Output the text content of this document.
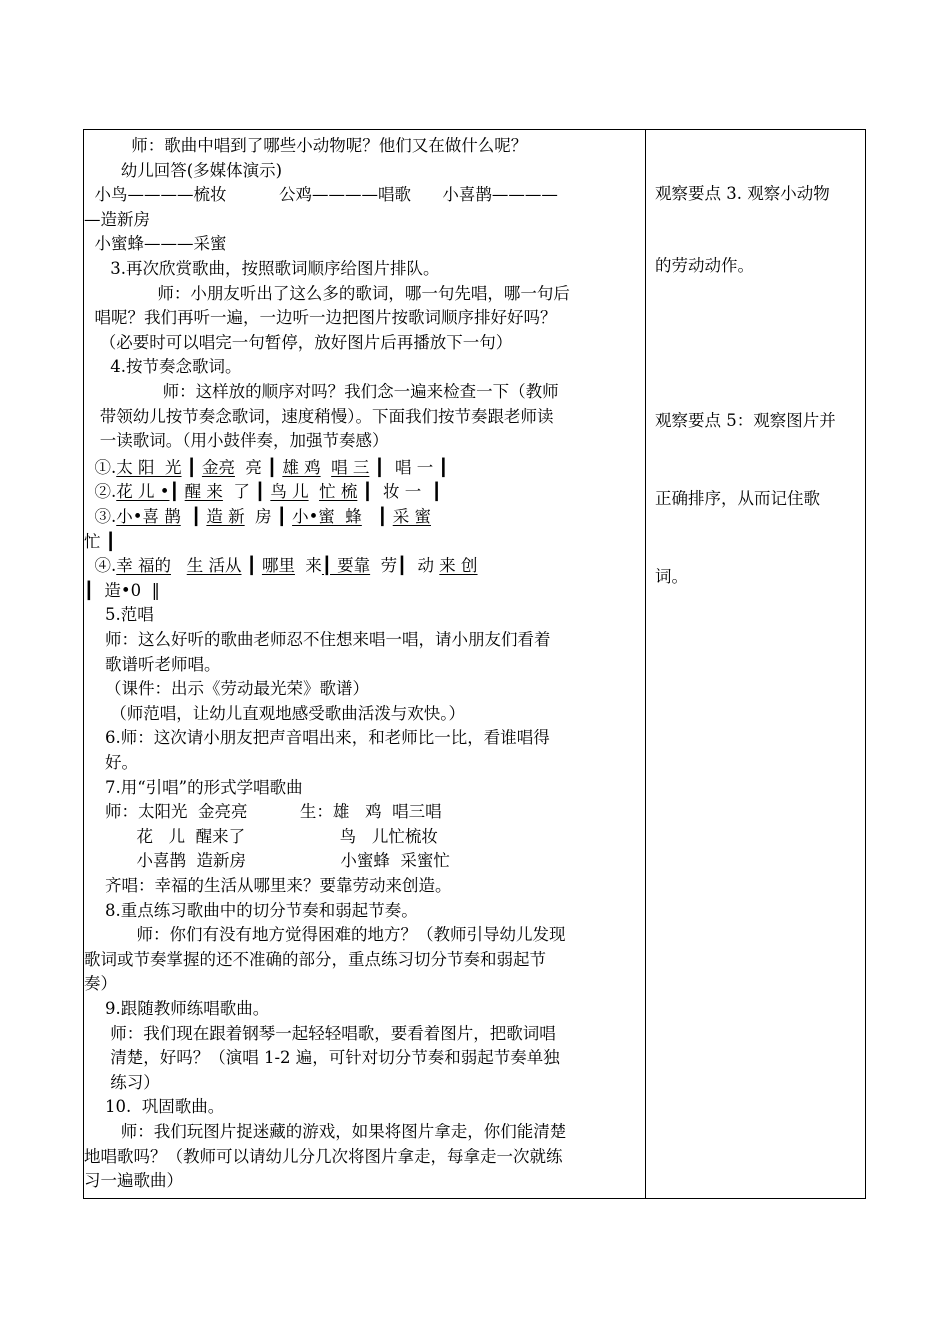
师：歌曲中唱到了哪些小动物呢？他们又在做什么呢？
幼儿回答(多媒体演示)
小鸟————梳妆          公鸡————唱歌      小喜鹊————
—造新房
小蜜蜂———采蜜
3.再次欣赏歌曲，按照歌词顺序给图片排队。
师：小朋友听出了这么多的歌词，哪一句先唱，哪一句后
唱呢？我们再听一遍，一边听一边把图片按歌词顺序排好好吗？
（必要时可以唱完一句暂停，放好图片后再播放下一句）
4.按节奏念歌词。
师：这样放的顺序对吗？我们念一遍来检查一下（教师
带领幼儿按节奏念歌词，速度稍慢）。下面我们按节奏跟老师读
一读歌词。（用小鼓伴奏，加强节奏感）
①.太 阳  光 ┃ 金亮  亮 ┃ 雄 鸡 唱 三 ┃  唱 一 ┃
②.花 儿 •┃ 醒 来  了 ┃ 鸟 儿 忙 梳 ┃  妆 一  ┃
③.小•喜 鹊  ┃ 造 新  房 ┃ 小•蜜  蜂   ┃ 采 蜜
忙 ┃
④.幸 福的 生 活从 ┃ 哪里  来┃ 要靠  劳┃  动 来 创
┃  造•0  ‖
5.范唱
师：这么好听的歌曲老师忍不住想来唱一唱，请小朋友们看着
歌谱听老师唱。
（课件：出示《劳动最光荣》歌谱）
（师范唱，让幼儿直观地感受歌曲活泼与欢快。）
6.师：这次请小朋友把声音唱出来，和老师比一比，看谁唱得
好。
7.用“引唱”的形式学唱歌曲
师：太阳光  金亮亮          生：雄   鸡  唱三唱
花   儿  醒来了                  鸟   儿忙梳妆
小喜鹊  造新房                  小蜜蜂  采蜜忙
齐唱：幸福的生活从哪里来？要靠劳动来创造。
8.重点练习歌曲中的切分节奏和弱起节奏。
师：你们有没有地方觉得困难的地方？（教师引导幼儿发现
歌词或节奏掌握的还不准确的部分，重点练习切分节奏和弱起节
奏）
9.跟随教师练唱歌曲。
师：我们现在跟着钢琴一起轻轻唱歌，要看着图片，把歌词唱
清楚，好吗？（演唱 1-2 遍，可针对切分节奏和弱起节奏单独
练习）
10.  巩固歌曲。
师：我们玩图片捉迷藏的游戏，如果将图片拿走，你们能清楚
地唱歌吗？（教师可以请幼儿分几次将图片拿走，每拿走一次就练
习一遍歌曲）

观察要点 3. 观察小动物

的劳动动作。

观察要点 5：观察图片并

正确排序，从而记住歌

词。
